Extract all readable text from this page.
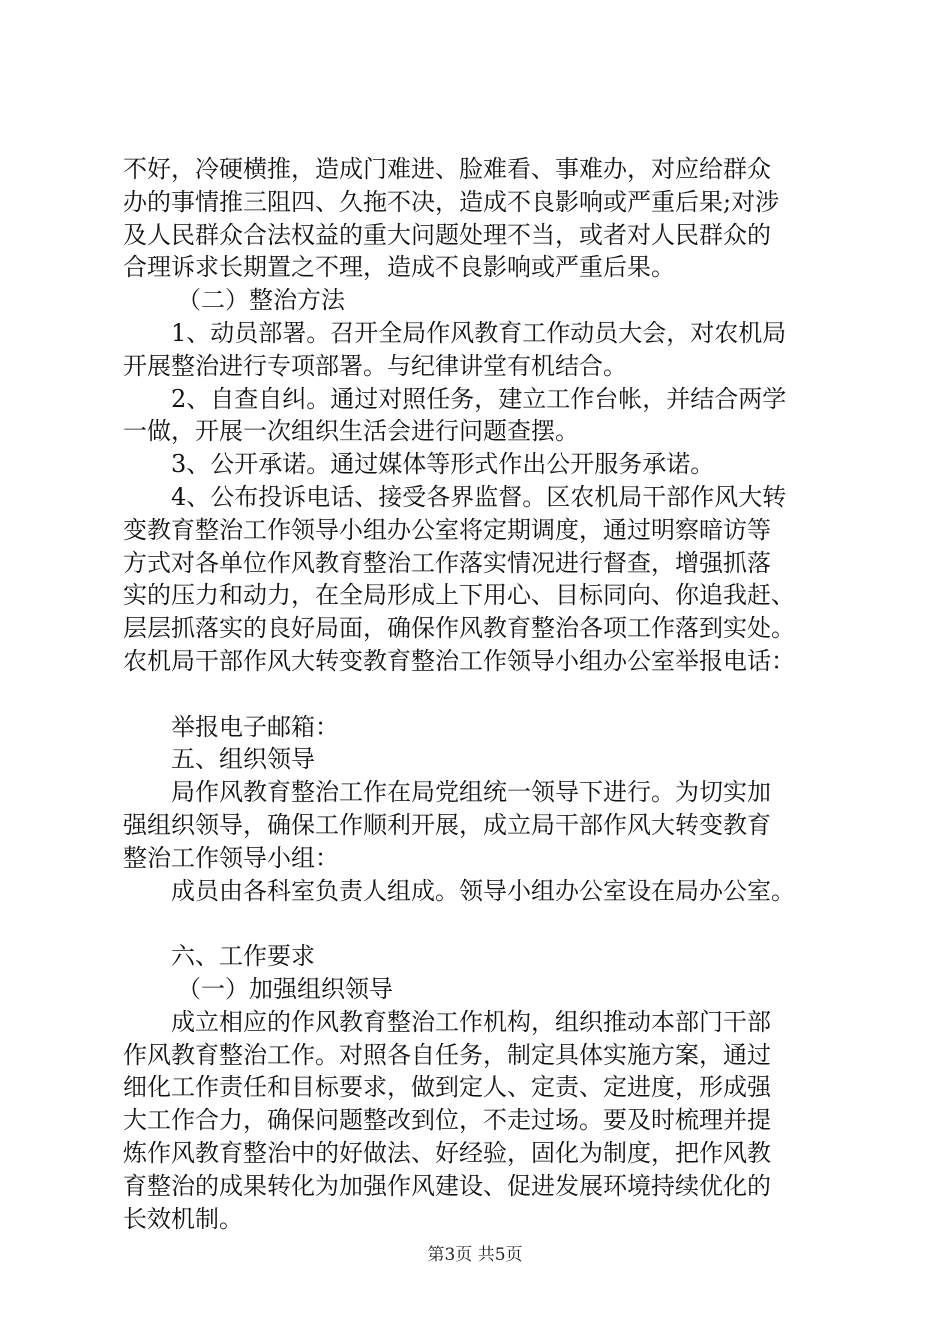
不好，冷硬横推，造成门难进、脸难看、事难办，对应给群众
办的事情推三阻四、久拖不决，造成不良影响或严重后果;对涉
及人民群众合法权益的重大问题处理不当，或者对人民群众的
合理诉求长期置之不理，造成不良影响或严重后果。
（二）整治方法
1、动员部署。召开全局作风教育工作动员大会，对农机局
开展整治进行专项部署。与纪律讲堂有机结合。
2、自查自纠。通过对照任务，建立工作台帐，并结合两学
一做，开展一次组织生活会进行问题查摆。
3、公开承诺。通过媒体等形式作出公开服务承诺。
4、公布投诉电话、接受各界监督。区农机局干部作风大转
变教育整治工作领导小组办公室将定期调度，通过明察暗访等
方式对各单位作风教育整治工作落实情况进行督查，增强抓落
实的压力和动力，在全局形成上下用心、目标同向、你追我赶、
层层抓落实的良好局面，确保作风教育整治各项工作落到实处。
农机局干部作风大转变教育整治工作领导小组办公室举报电话：
举报电子邮箱：
五、组织领导
局作风教育整治工作在局党组统一领导下进行。为切实加
强组织领导，确保工作顺利开展，成立局干部作风大转变教育
整治工作领导小组：
成员由各科室负责人组成。领导小组办公室设在局办公室。
六、工作要求
（一）加强组织领导
成立相应的作风教育整治工作机构，组织推动本部门干部
作风教育整治工作。对照各自任务，制定具体实施方案，通过
细化工作责任和目标要求，做到定人、定责、定进度，形成强
大工作合力，确保问题整改到位，不走过场。要及时梳理并提
炼作风教育整治中的好做法、好经验，固化为制度，把作风教
育整治的成果转化为加强作风建设、促进发展环境持续优化的
长效机制。
第3页 共5页
